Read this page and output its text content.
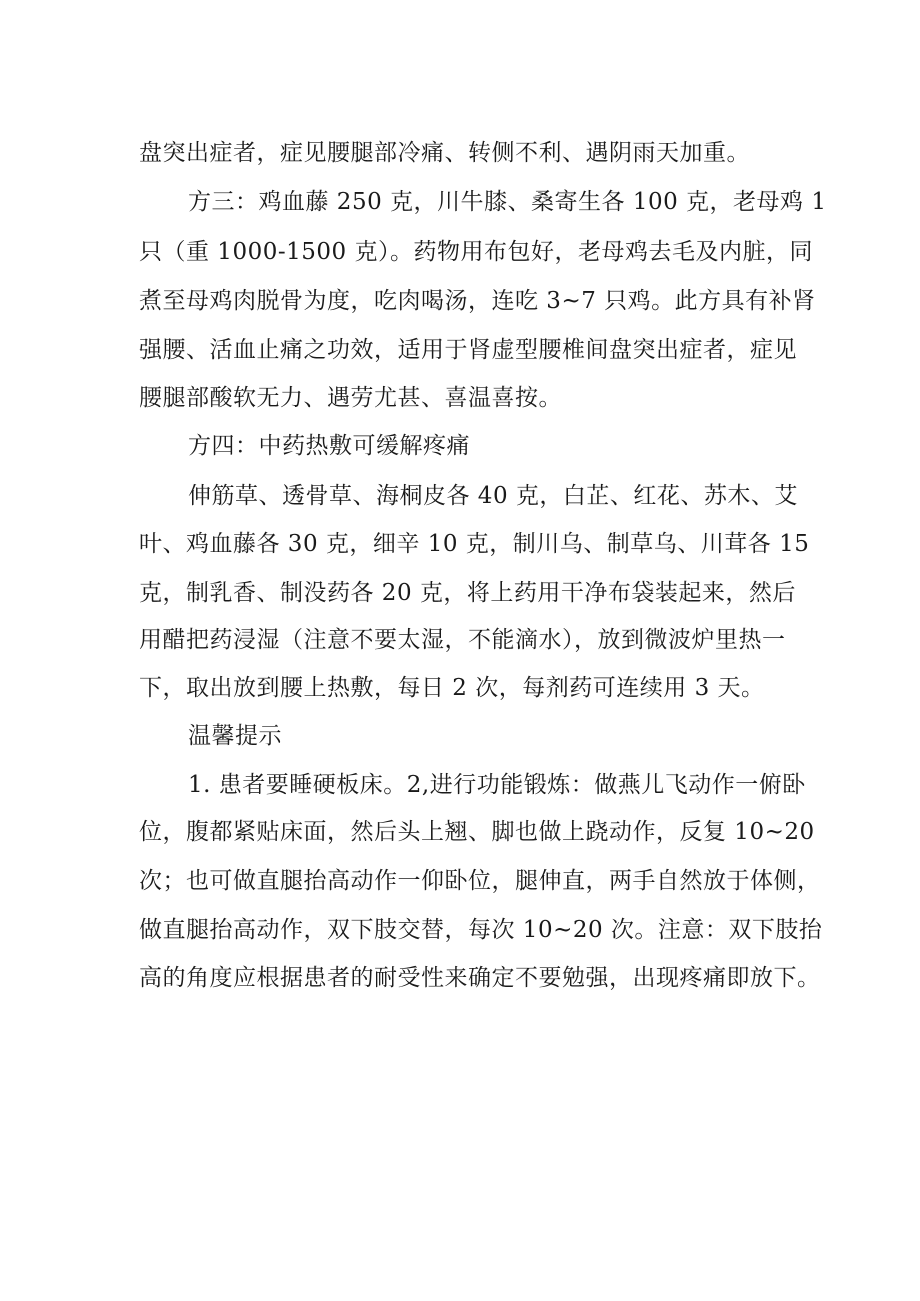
盘突出症者，症见腰腿部冷痛、转侧不利、遇阴雨天加重。
方三：鸡血藤 250 克，川牛膝、桑寄生各 100 克，老母鸡 1
只（重 1000-1500 克）。药物用布包好，老母鸡去毛及内脏，同
煮至母鸡肉脱骨为度，吃肉喝汤，连吃 3~7 只鸡。此方具有补肾
强腰、活血止痛之功效，适用于肾虚型腰椎间盘突出症者，症见
腰腿部酸软无力、遇劳尤甚、喜温喜按。
方四：中药热敷可缓解疼痛
伸筋草、透骨草、海桐皮各 40 克，白芷、红花、苏木、艾
叶、鸡血藤各 30 克，细辛 10 克，制川乌、制草乌、川茸各 15
克，制乳香、制没药各 20 克，将上药用干净布袋装起来，然后
用醋把药浸湿（注意不要太湿，不能滴水），放到微波炉里热一
下，取出放到腰上热敷，每日 2 次，每剂药可连续用 3 天。
温馨提示
1. 患者要睡硬板床。2,进行功能锻炼：做燕儿飞动作一俯卧
位，腹都紧贴床面，然后头上翘、脚也做上跷动作，反复 10~20
次；也可做直腿抬高动作一仰卧位，腿伸直，两手自然放于体侧，
做直腿抬高动作，双下肢交替，每次 10~20 次。注意：双下肢抬
高的角度应根据患者的耐受性来确定不要勉强，出现疼痛即放下。
